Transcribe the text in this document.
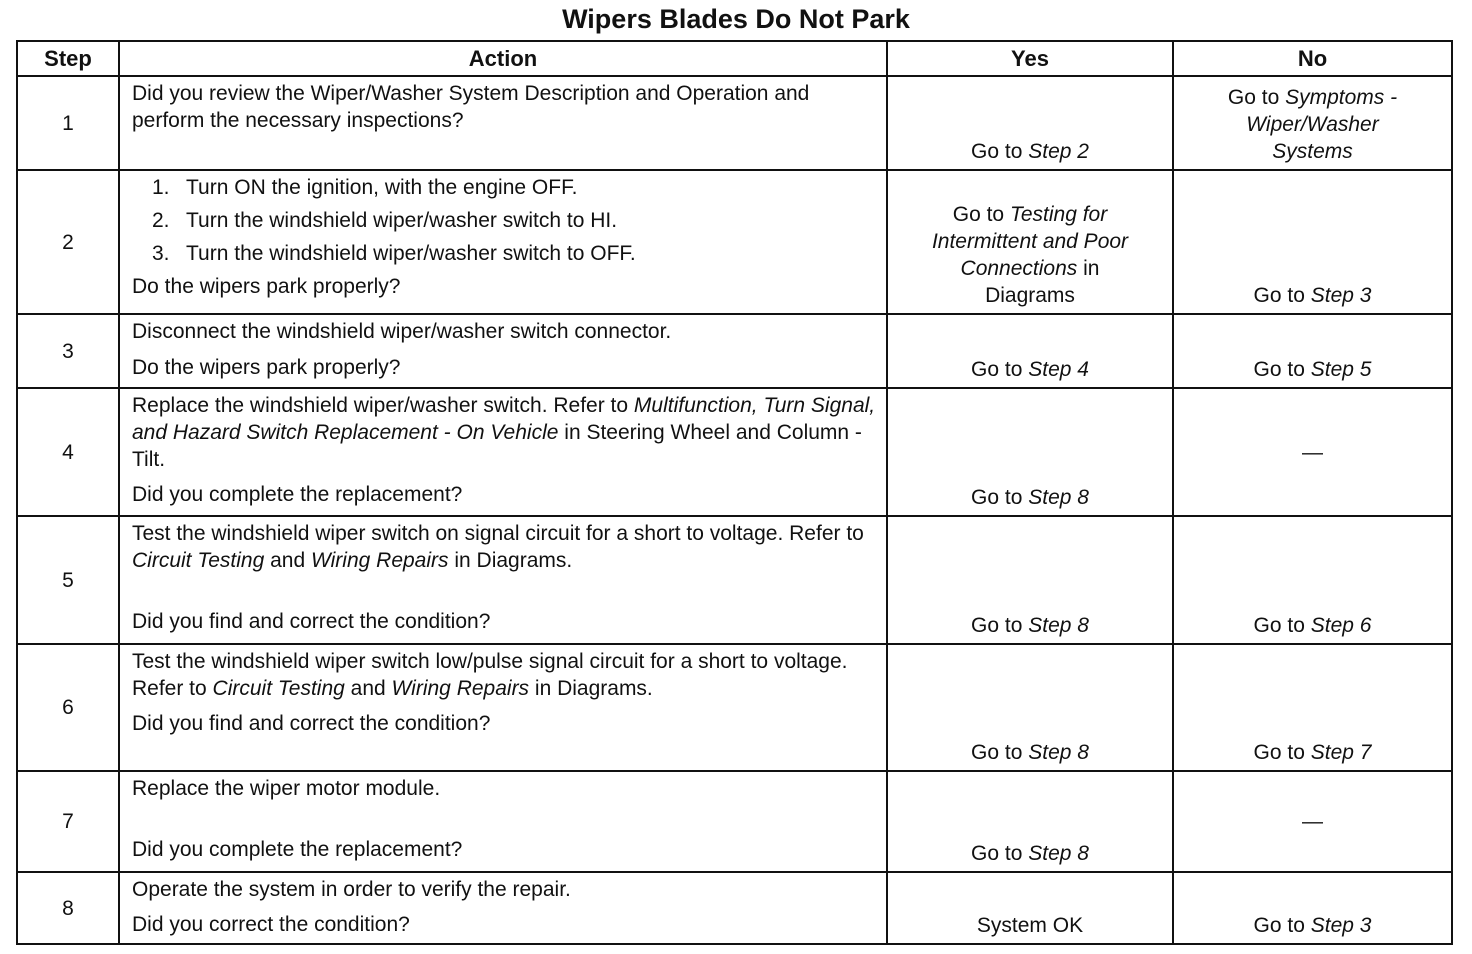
Wipers Blades Do Not Park
Step	Action	Yes	No
1	Did you review the Wiper/Washer System Description and Operation and perform the necessary inspections?	Go to Step 2	Go to Symptoms - Wiper/Washer Systems
2	1. Turn ON the ignition, with the engine OFF.
2. Turn the windshield wiper/washer switch to HI.
3. Turn the windshield wiper/washer switch to OFF.
Do the wipers park properly?	Go to Testing for Intermittent and Poor Connections in Diagrams	Go to Step 3
3	Disconnect the windshield wiper/washer switch connector.
Do the wipers park properly?	Go to Step 4	Go to Step 5
4	Replace the windshield wiper/washer switch. Refer to Multifunction, Turn Signal, and Hazard Switch Replacement - On Vehicle in Steering Wheel and Column - Tilt.
Did you complete the replacement?	Go to Step 8	—
5	Test the windshield wiper switch on signal circuit for a short to voltage. Refer to Circuit Testing and Wiring Repairs in Diagrams.
Did you find and correct the condition?	Go to Step 8	Go to Step 6
6	Test the windshield wiper switch low/pulse signal circuit for a short to voltage. Refer to Circuit Testing and Wiring Repairs in Diagrams.
Did you find and correct the condition?	Go to Step 8	Go to Step 7
7	Replace the wiper motor module.
Did you complete the replacement?	Go to Step 8	—
8	Operate the system in order to verify the repair.
Did you correct the condition?	System OK	Go to Step 3
